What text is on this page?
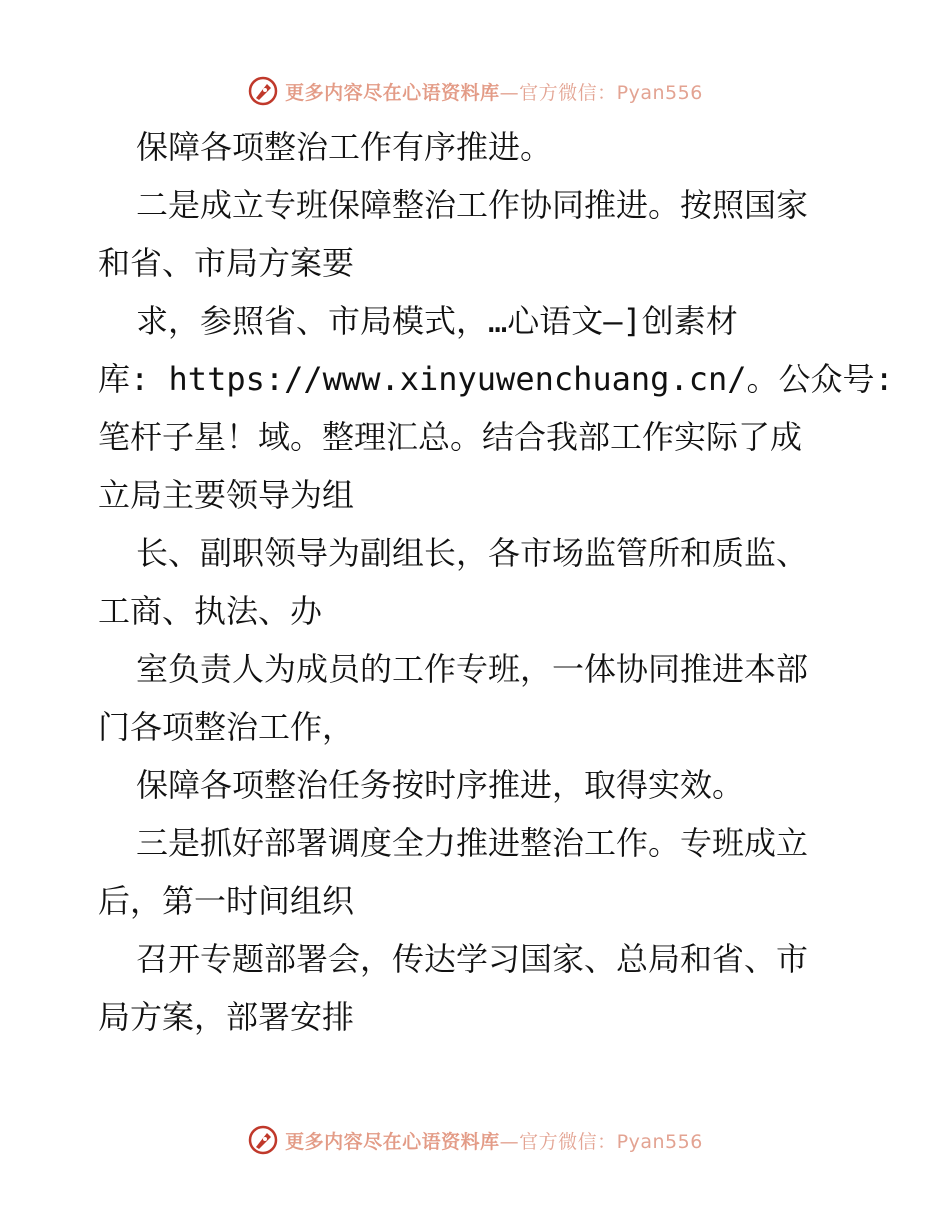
更多内容尽在心语资料库—官方微信：Pyan556
保障各项整治工作有序推进。
二是成立专班保障整治工作协同推进。按照国家
和省、市局方案要
求，参照省、市局模式，…心语文—]创素材
库: https://www.xinyuwenchuang.cn/。公众号:
笔杆子星！域。整理汇总。结合我部工作实际了成
立局主要领导为组
长、副职领导为副组长，各市场监管所和质监、
工商、执法、办
室负责人为成员的工作专班，一体协同推进本部
门各项整治工作，
保障各项整治任务按时序推进，取得实效。
三是抓好部署调度全力推进整治工作。专班成立
后，第一时间组织
召开专题部署会，传达学习国家、总局和省、市
局方案，部署安排
更多内容尽在心语资料库—官方微信：Pyan556
